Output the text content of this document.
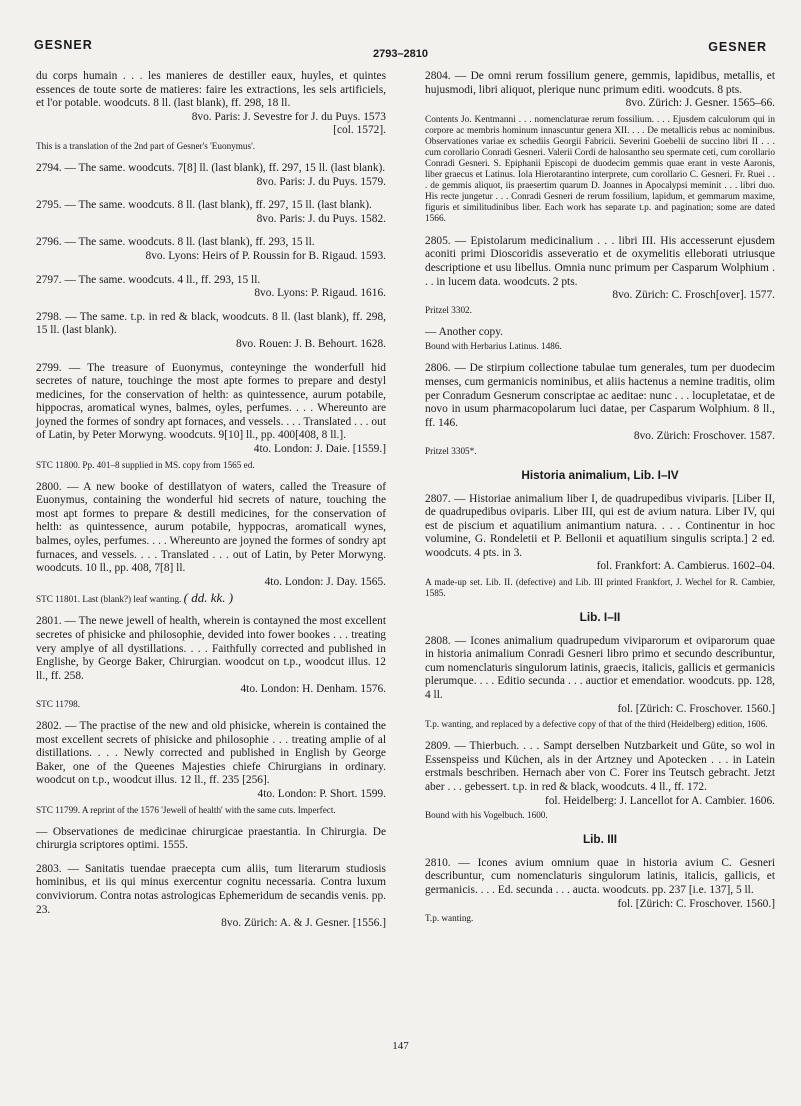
GESNER
2793–2810	GESNER
du corps humain . . . les manieres de destiller eaux, huyles, et quintes essences de toute sorte de matieres: faire les extractions, les sels artificiels, et l'or potable. woodcuts. 8 ll. (last blank), ff. 298, 18 ll.
8vo. Paris: J. Sevestre for J. du Puys. 1573
[col. 1572].

This is a translation of the 2nd part of Gesner's 'Euonymus'.

2794. — The same. woodcuts. 7[8] ll. (last blank), ff. 297, 15 ll. (last blank).
8vo. Paris: J. du Puys. 1579.
2795. — The same. woodcuts. 8 ll. (last blank), ff. 297, 15 ll. (last blank).
8vo. Paris: J. du Puys. 1582.
2796. — The same. woodcuts. 8 ll. (last blank), ff. 293, 15 ll.
8vo. Lyons: Heirs of P. Roussin for B. Rigaud. 1593.
2797. — The same. woodcuts. 4 ll., ff. 293, 15 ll.
8vo. Lyons: P. Rigaud. 1616.
2798. — The same. t.p. in red & black, woodcuts. 8 ll. (last blank), ff. 298, 15 ll. (last blank).
8vo. Rouen: J. B. Behourt. 1628.
2799. — The treasure of Euonymus, conteyninge the wonderfull hid secretes of nature, touchinge the most apte formes to prepare and destyl medicines, for the conservation of helth: as quintessence, aurum potabile, hippocras, aromatical wynes, balmes, oyles, perfumes. . . . Whereunto are joyned the formes of sondry apt fornaces, and vessels. . . . Translated . . . out of Latin, by Peter Morwyng. woodcuts. 9[10] ll., pp. 400[408, 8 ll.].
4to. London: J. Daie. [1559.]

STC 11800. Pp. 401–8 supplied in MS. copy from 1565 ed.

2800. — A new booke of destillatyon of waters, called the Treasure of Euonymus, containing the wonderful hid secrets of nature, touching the most apt formes to prepare & destill medicines, for the conservation of helth: as quintessence, aurum potabile, hyppocras, aromaticall wynes, balmes, oyles, perfumes. . . . Whereunto are joyned the formes of sondry apt furnaces, and vessels. . . . Translated . . . out of Latin, by Peter Morwyng. woodcuts. 10 ll., pp. 408, 7[8] ll.
4to. London: J. Day. 1565.

STC 11801. Last (blank?) leaf wanting. ( dd. kk. )

2801. — The newe jewell of health, wherein is contayned the most excellent secretes of phisicke and philosophie, devided into fower bookes . . . treating very amplye of all dystillations. . . . Faithfully corrected and published in Englishe, by George Baker, Chirurgian. woodcut on t.p., woodcut illus. 12 ll., ff. 258.
4to. London: H. Denham. 1576.

STC 11798.

2802. — The practise of the new and old phisicke, wherein is contained the most excellent secrets of phisicke and philosophie . . . treating amplie of al distillations. . . . Newly corrected and published in English by George Baker, one of the Queenes Majesties chiefe Chirurgians in ordinary. woodcut on t.p., woodcut illus. 12 ll., ff. 235 [256].
4to. London: P. Short. 1599.

STC 11799. A reprint of the 1576 'Jewell of health' with the same cuts. Imperfect.

— Observationes de medicinae chirurgicae praestantia. In Chirurgia. De chirurgia scriptores optimi. 1555.
2803. — Sanitatis tuendae praecepta cum aliis, tum literarum studiosis hominibus, et iis qui minus exercentur cognitu necessaria. Contra luxum conviviorum. Contra notas astrologicas Ephemeridum de secandis venis. pp. 23.
8vo. Zürich: A. & J. Gesner. [1556.]
2804. — De omni rerum fossilium genere, gemmis, lapidibus, metallis, et hujusmodi, libri aliquot, plerique nunc primum editi. woodcuts. 8 pts.
8vo. Zürich: J. Gesner. 1565–66.

Contents Jo. Kentmanni . . . nomenclaturae rerum fossilium. . . . Ejusdem calculorum qui in corpore ac membris hominum innascuntur genera XII. . . . De metallicis rebus ac nominibus. Observationes variae ex schediis Georgii Fabricii. Severini Goebelii de succino libri II . . . cum corollario Conradi Gesneri. Valerii Cordi de halosantho seu spermate ceti, cum corollario Conradi Gesneri. S. Epiphanii Episcopi de duodecim gemmis quae erant in veste Aaronis, liber graecus et Latinus. Iola Hierotarantino interprete, cum corollario C. Gesneri. Fr. Ruei . . . de gemmis aliquot, iis praesertim quarum D. Joannes in Apocalypsi meminit . . . libri duo. His recte jungetur . . . Conradi Gesneri de rerum fossilium, lapidum, et gemmarum maxime, figuris et similitudinibus liber. Each work has separate t.p. and pagination; some are dated 1566.

2805. — Epistolarum medicinalium . . . libri III. His accesserunt ejusdem aconiti primi Dioscoridis asseveratio et de oxymelitis elleborati utriusque descriptione et usu libellus. Omnia nunc primum per Casparum Wolphium . . . in lucem data. woodcuts. 2 pts.
8vo. Zürich: C. Frosch[over]. 1577.

Pritzel 3302.

— Another copy.

Bound with Herbarius Latinus. 1486.

2806. — De stirpium collectione tabulae tum generales, tum per duodecim menses, cum germanicis nominibus, et aliis hactenus a nemine traditis, olim per Conradum Gesnerum conscriptae ac aeditae: nunc . . . locupletatae, et de novo in usum pharmacopolarum luci datae, per Casparum Wolphium. 8 ll., ff. 146.
8vo. Zürich: Froschover. 1587.

Pritzel 3305*.

Historia animalium, Lib. I–IV
2807. — Historiae animalium liber I, de quadrupedibus viviparis. [Liber II, de quadrupedibus oviparis. Liber III, qui est de avium natura. Liber IV, qui est de piscium et aquatilium animantium natura. . . . Continentur in hoc volumine, G. Rondeletii et P. Bellonii et aquatilium singulis scripta.] 2 ed. woodcuts. 4 pts. in 3.
fol. Frankfort: A. Cambierus. 1602–04.

A made-up set. Lib. II. (defective) and Lib. III printed Frankfort, J. Wechel for R. Cambier, 1585.

Lib. I–II
2808. — Icones animalium quadrupedum viviparorum et oviparorum quae in historia animalium Conradi Gesneri libro primo et secundo describuntur, cum nomenclaturis singulorum latinis, graecis, italicis, gallicis et germanicis plerumque. . . . Editio secunda . . . auctior et emendatior. woodcuts. pp. 128, 4 ll.
fol. [Zürich: C. Froschover. 1560.]

T.p. wanting, and replaced by a defective copy of that of the third (Heidelberg) edition, 1606.

2809. — Thierbuch. . . . Sampt derselben Nutzbarkeit und Güte, so wol in Essenspeiss und Küchen, als in der Artzney und Apotecken . . . in Latein erstmals beschriben. Hernach aber von C. Forer ins Teutsch gebracht. Jetzt aber . . . gebessert. t.p. in red & black, woodcuts. 4 ll., ff. 172.
fol. Heidelberg: J. Lancellot for A. Cambier. 1606.

Bound with his Vogelbuch. 1600.

Lib. III
2810. — Icones avium omnium quae in historia avium C. Gesneri describuntur, cum nomenclaturis singulorum latinis, italicis, gallicis, et germanicis. . . . Ed. secunda . . . aucta. woodcuts. pp. 237 [i.e. 137], 5 ll.
fol. [Zürich: C. Froschover. 1560.]

T.p. wanting.

147
